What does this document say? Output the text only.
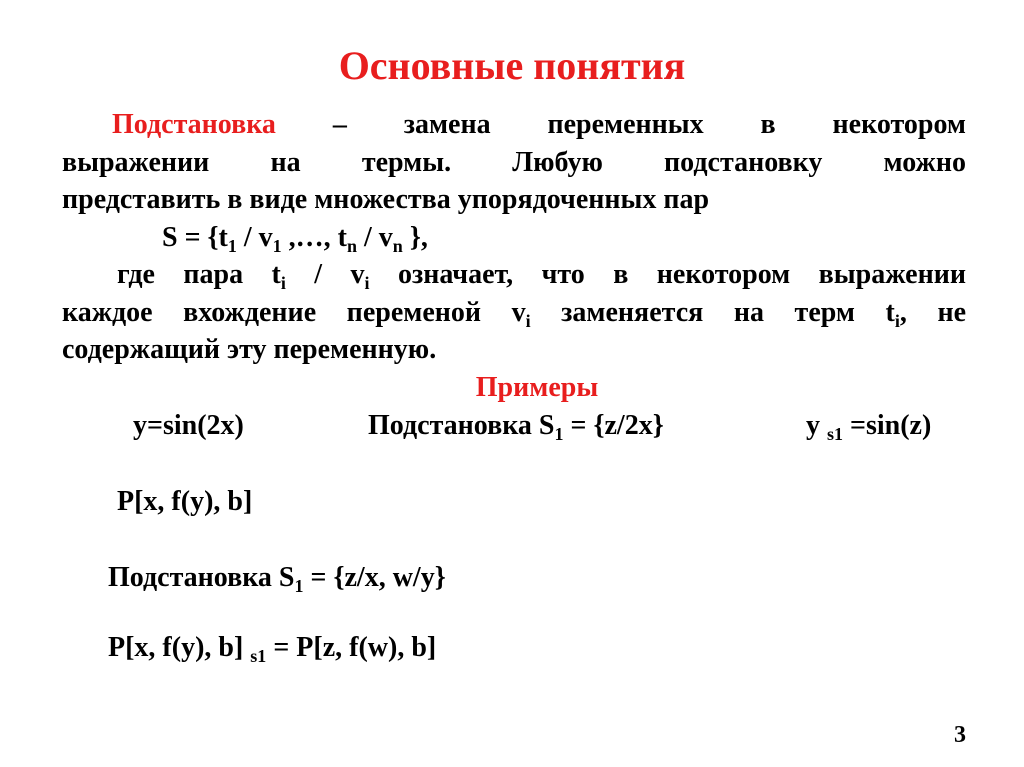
Основные понятия
Подстановка – замена переменных в некотором
выражении на термы. Любую подстановку можно
представить в виде множества упорядоченных пар
$S = \{t_1 / v_1$ ,…, $t_n / v_n$ },
где пара $t_i / v_i$ означает, что в некотором выражении
каждое вхождение переменой $v_i$ заменяется на терм $t_i$, не
содержащий эту переменную.
Примеры
y=sin(2x)	Подстановка $S_1 = \{z/2x\}$	y $_{s1}$ =sin(z)
P[x, f(y), b]
Подстановка $S_1 = \{z/x$, w/y}
P[x, f(y), b] $_{s1}$ = P[z, f(w), b]
3
